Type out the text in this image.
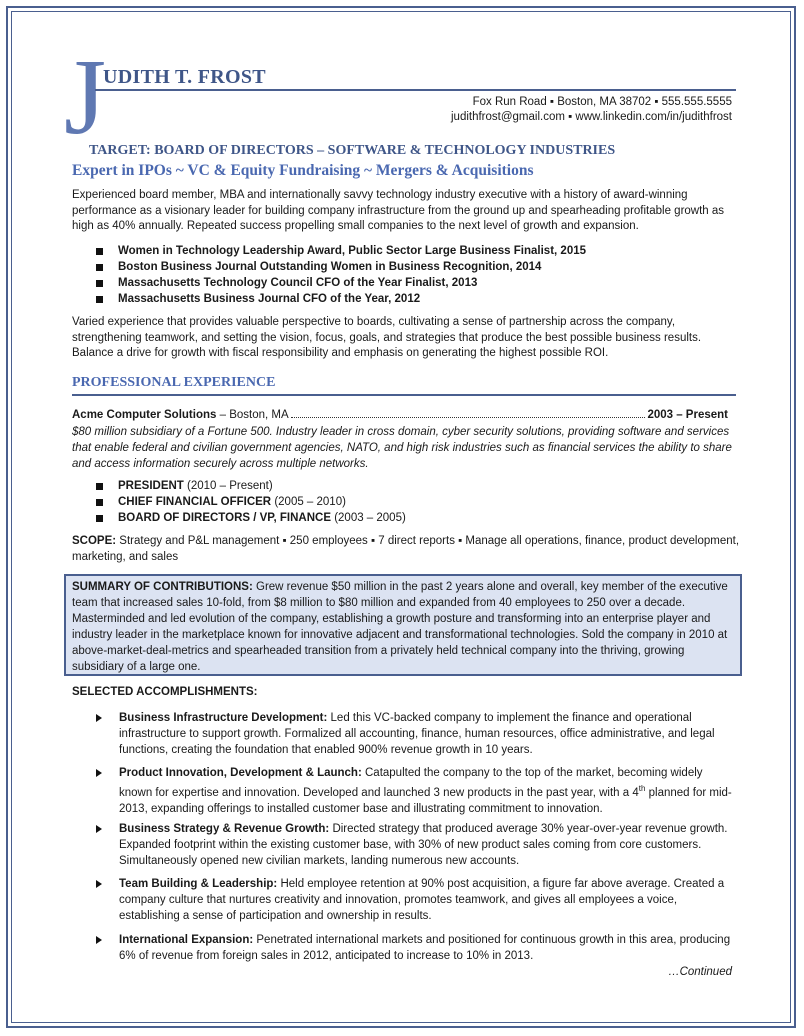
J
UDITH T. FROST
Fox Run Road ▪ Boston, MA 38702 ▪ 555.555.5555
judithfrost@gmail.com ▪ www.linkedin.com/in/judithfrost
TARGET: BOARD OF DIRECTORS – SOFTWARE & TECHNOLOGY INDUSTRIES
Expert in IPOs ~ VC & Equity Fundraising ~ Mergers & Acquisitions
Experienced board member, MBA and internationally savvy technology industry executive with a history of award-winning performance as a visionary leader for building company infrastructure from the ground up and spearheading profitable growth as high as 40% annually. Repeated success propelling small companies to the next level of growth and expansion.
Women in Technology Leadership Award, Public Sector Large Business Finalist, 2015
Boston Business Journal Outstanding Women in Business Recognition, 2014
Massachusetts Technology Council CFO of the Year Finalist, 2013
Massachusetts Business Journal CFO of the Year, 2012
Varied experience that provides valuable perspective to boards, cultivating a sense of partnership across the company, strengthening teamwork, and setting the vision, focus, goals, and strategies that produce the best possible business results. Balance a drive for growth with fiscal responsibility and emphasis on generating the highest possible ROI.
PROFESSIONAL EXPERIENCE
Acme Computer Solutions – Boston, MA	2003 – Present
$80 million subsidiary of a Fortune 500. Industry leader in cross domain, cyber security solutions, providing software and services that enable federal and civilian government agencies, NATO, and high risk industries such as financial services the ability to share and access information securely across multiple networks.
PRESIDENT (2010 – Present)
CHIEF FINANCIAL OFFICER (2005 – 2010)
BOARD OF DIRECTORS / VP, FINANCE (2003 – 2005)
SCOPE: Strategy and P&L management ▪ 250 employees ▪ 7 direct reports ▪ Manage all operations, finance, product development, marketing, and sales
SUMMARY OF CONTRIBUTIONS: Grew revenue $50 million in the past 2 years alone and overall, key member of the executive team that increased sales 10-fold, from $8 million to $80 million and expanded from 40 employees to 250 over a decade. Masterminded and led evolution of the company, establishing a growth posture and transforming into an enterprise player and industry leader in the marketplace known for innovative adjacent and transformational technologies. Sold the company in 2010 at above-market-deal-metrics and spearheaded transition from a privately held technical company into the thriving, growing subsidiary of a large one.
SELECTED ACCOMPLISHMENTS:
Business Infrastructure Development: Led this VC-backed company to implement the finance and operational infrastructure to support growth. Formalized all accounting, finance, human resources, office administrative, and legal functions, creating the foundation that enabled 900% revenue growth in 10 years.
Product Innovation, Development & Launch: Catapulted the company to the top of the market, becoming widely known for expertise and innovation. Developed and launched 3 new products in the past year, with a 4th planned for mid-2013, expanding offerings to installed customer base and illustrating commitment to innovation.
Business Strategy & Revenue Growth: Directed strategy that produced average 30% year-over-year revenue growth. Expanded footprint within the existing customer base, with 30% of new product sales coming from core customers. Simultaneously opened new civilian markets, landing numerous new accounts.
Team Building & Leadership: Held employee retention at 90% post acquisition, a figure far above average. Created a company culture that nurtures creativity and innovation, promotes teamwork, and gives all employees a voice, establishing a sense of participation and ownership in results.
International Expansion: Penetrated international markets and positioned for continuous growth in this area, producing 6% of revenue from foreign sales in 2012, anticipated to increase to 10% in 2013.
…Continued
